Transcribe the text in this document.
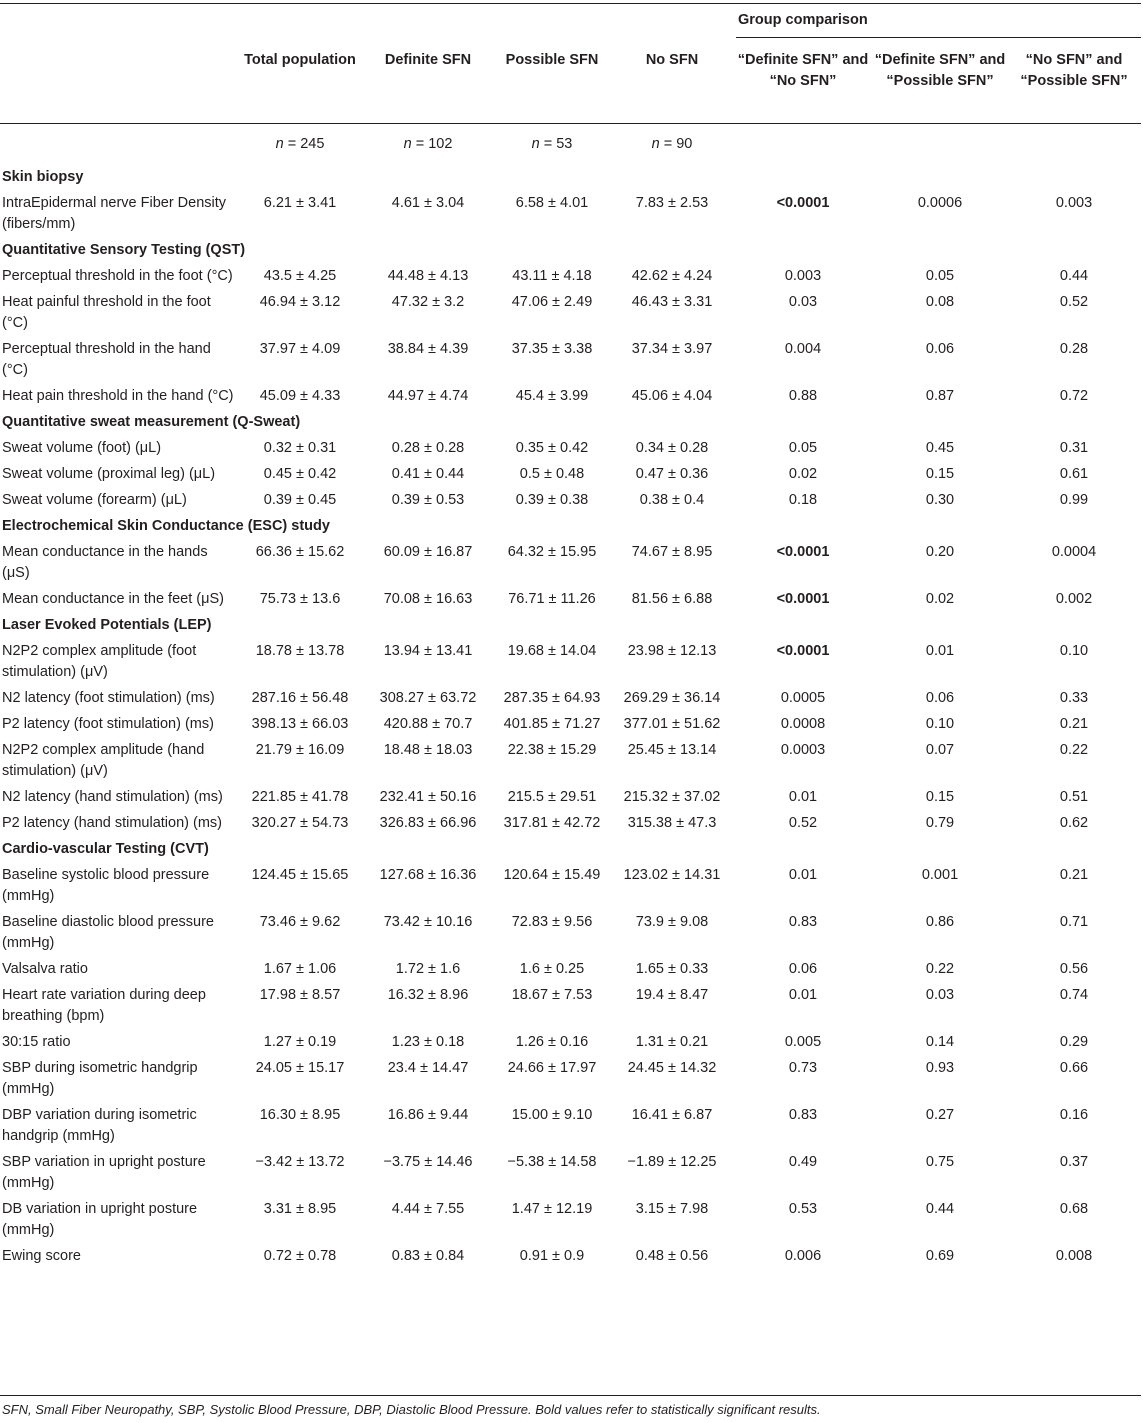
					Group comparison		
	Total population	Definite SFN	Possible SFN	No SFN	“Definite SFN” and “No SFN”	“Definite SFN” and “Possible SFN”	“No SFN” and “Possible SFN”
	n = 245	n = 102	n = 53	n = 90			
Skin biopsy							
IntraEpidermal nerve Fiber Density (fibers/mm)	6.21 ± 3.41	4.61 ± 3.04	6.58 ± 4.01	7.83 ± 2.53	<0.0001	0.0006	0.003
Quantitative Sensory Testing (QST)							
Perceptual threshold in the foot (°C)	43.5 ± 4.25	44.48 ± 4.13	43.11 ± 4.18	42.62 ± 4.24	0.003	0.05	0.44
Heat painful threshold in the foot (°C)	46.94 ± 3.12	47.32 ± 3.2	47.06 ± 2.49	46.43 ± 3.31	0.03	0.08	0.52
Perceptual threshold in the hand (°C)	37.97 ± 4.09	38.84 ± 4.39	37.35 ± 3.38	37.34 ± 3.97	0.004	0.06	0.28
Heat pain threshold in the hand (°C)	45.09 ± 4.33	44.97 ± 4.74	45.4 ± 3.99	45.06 ± 4.04	0.88	0.87	0.72
Quantitative sweat measurement (Q-Sweat)							
Sweat volume (foot) (μL)	0.32 ± 0.31	0.28 ± 0.28	0.35 ± 0.42	0.34 ± 0.28	0.05	0.45	0.31
Sweat volume (proximal leg) (μL)	0.45 ± 0.42	0.41 ± 0.44	0.5 ± 0.48	0.47 ± 0.36	0.02	0.15	0.61
Sweat volume (forearm) (μL)	0.39 ± 0.45	0.39 ± 0.53	0.39 ± 0.38	0.38 ± 0.4	0.18	0.30	0.99
Electrochemical Skin Conductance (ESC) study							
Mean conductance in the hands (μS)	66.36 ± 15.62	60.09 ± 16.87	64.32 ± 15.95	74.67 ± 8.95	<0.0001	0.20	0.0004
Mean conductance in the feet (μS)	75.73 ± 13.6	70.08 ± 16.63	76.71 ± 11.26	81.56 ± 6.88	<0.0001	0.02	0.002
Laser Evoked Potentials (LEP)							
N2P2 complex amplitude (foot stimulation) (μV)	18.78 ± 13.78	13.94 ± 13.41	19.68 ± 14.04	23.98 ± 12.13	<0.0001	0.01	0.10
N2 latency (foot stimulation) (ms)	287.16 ± 56.48	308.27 ± 63.72	287.35 ± 64.93	269.29 ± 36.14	0.0005	0.06	0.33
P2 latency (foot stimulation) (ms)	398.13 ± 66.03	420.88 ± 70.7	401.85 ± 71.27	377.01 ± 51.62	0.0008	0.10	0.21
N2P2 complex amplitude (hand stimulation) (μV)	21.79 ± 16.09	18.48 ± 18.03	22.38 ± 15.29	25.45 ± 13.14	0.0003	0.07	0.22
N2 latency (hand stimulation) (ms)	221.85 ± 41.78	232.41 ± 50.16	215.5 ± 29.51	215.32 ± 37.02	0.01	0.15	0.51
P2 latency (hand stimulation) (ms)	320.27 ± 54.73	326.83 ± 66.96	317.81 ± 42.72	315.38 ± 47.3	0.52	0.79	0.62
Cardio-vascular Testing (CVT)							
Baseline systolic blood pressure (mmHg)	124.45 ± 15.65	127.68 ± 16.36	120.64 ± 15.49	123.02 ± 14.31	0.01	0.001	0.21
Baseline diastolic blood pressure (mmHg)	73.46 ± 9.62	73.42 ± 10.16	72.83 ± 9.56	73.9 ± 9.08	0.83	0.86	0.71
Valsalva ratio	1.67 ± 1.06	1.72 ± 1.6	1.6 ± 0.25	1.65 ± 0.33	0.06	0.22	0.56
Heart rate variation during deep breathing (bpm)	17.98 ± 8.57	16.32 ± 8.96	18.67 ± 7.53	19.4 ± 8.47	0.01	0.03	0.74
30:15 ratio	1.27 ± 0.19	1.23 ± 0.18	1.26 ± 0.16	1.31 ± 0.21	0.005	0.14	0.29
SBP during isometric handgrip (mmHg)	24.05 ± 15.17	23.4 ± 14.47	24.66 ± 17.97	24.45 ± 14.32	0.73	0.93	0.66
DBP variation during isometric handgrip (mmHg)	16.30 ± 8.95	16.86 ± 9.44	15.00 ± 9.10	16.41 ± 6.87	0.83	0.27	0.16
SBP variation in upright posture (mmHg)	−3.42 ± 13.72	−3.75 ± 14.46	−5.38 ± 14.58	−1.89 ± 12.25	0.49	0.75	0.37
DB variation in upright posture (mmHg)	3.31 ± 8.95	4.44 ± 7.55	1.47 ± 12.19	3.15 ± 7.98	0.53	0.44	0.68
Ewing score	0.72 ± 0.78	0.83 ± 0.84	0.91 ± 0.9	0.48 ± 0.56	0.006	0.69	0.008
SFN, Small Fiber Neuropathy, SBP, Systolic Blood Pressure, DBP, Diastolic Blood Pressure. Bold values refer to statistically significant results.
